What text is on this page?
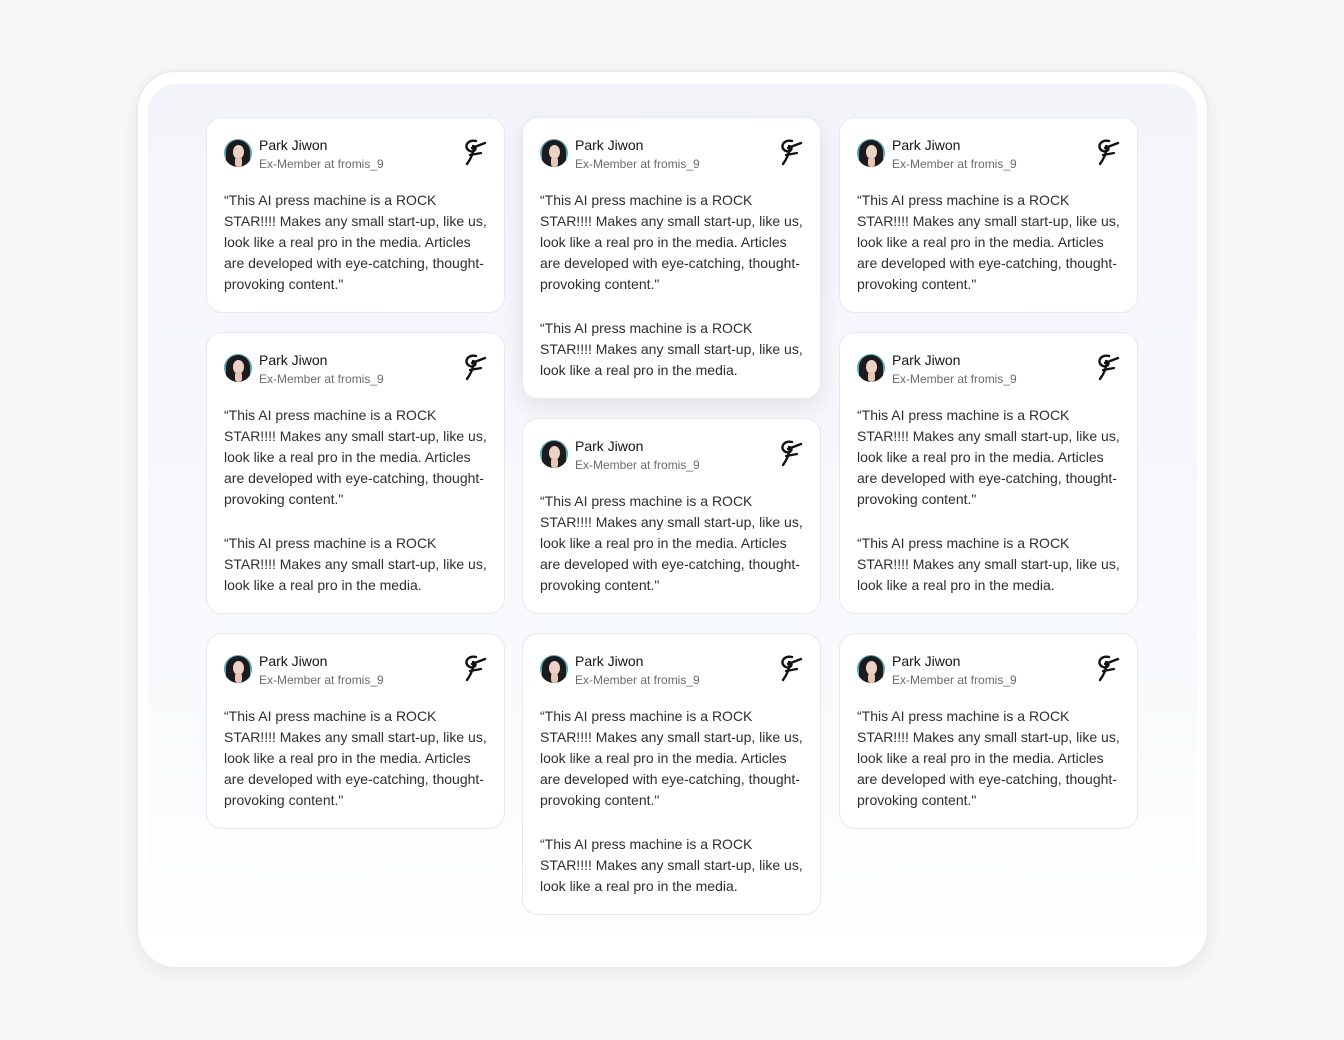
Park Jiwon
Ex-Member at fromis_9

“This AI press machine is a ROCK STAR!!!! Makes any small start-up, like us, look like a real pro in the media. Articles are developed with eye-catching, thought-provoking content."

Park Jiwon
Ex-Member at fromis_9

“This AI press machine is a ROCK STAR!!!! Makes any small start-up, like us, look like a real pro in the media. Articles are developed with eye-catching, thought-provoking content."

“This AI press machine is a ROCK STAR!!!! Makes any small start-up, like us, look like a real pro in the media.

Park Jiwon
Ex-Member at fromis_9

“This AI press machine is a ROCK STAR!!!! Makes any small start-up, like us, look like a real pro in the media. Articles are developed with eye-catching, thought-provoking content."

Park Jiwon
Ex-Member at fromis_9

“This AI press machine is a ROCK STAR!!!! Makes any small start-up, like us, look like a real pro in the media. Articles are developed with eye-catching, thought-provoking content."

“This AI press machine is a ROCK STAR!!!! Makes any small start-up, like us, look like a real pro in the media.

Park Jiwon
Ex-Member at fromis_9

“This AI press machine is a ROCK STAR!!!! Makes any small start-up, like us, look like a real pro in the media. Articles are developed with eye-catching, thought-provoking content."

Park Jiwon
Ex-Member at fromis_9

“This AI press machine is a ROCK STAR!!!! Makes any small start-up, like us, look like a real pro in the media. Articles are developed with eye-catching, thought-provoking content."

“This AI press machine is a ROCK STAR!!!! Makes any small start-up, like us, look like a real pro in the media.

Park Jiwon
Ex-Member at fromis_9

“This AI press machine is a ROCK STAR!!!! Makes any small start-up, like us, look like a real pro in the media. Articles are developed with eye-catching, thought-provoking content."

Park Jiwon
Ex-Member at fromis_9

“This AI press machine is a ROCK STAR!!!! Makes any small start-up, like us, look like a real pro in the media. Articles are developed with eye-catching, thought-provoking content."

“This AI press machine is a ROCK STAR!!!! Makes any small start-up, like us, look like a real pro in the media.

Park Jiwon
Ex-Member at fromis_9

“This AI press machine is a ROCK STAR!!!! Makes any small start-up, like us, look like a real pro in the media. Articles are developed with eye-catching, thought-provoking content."
